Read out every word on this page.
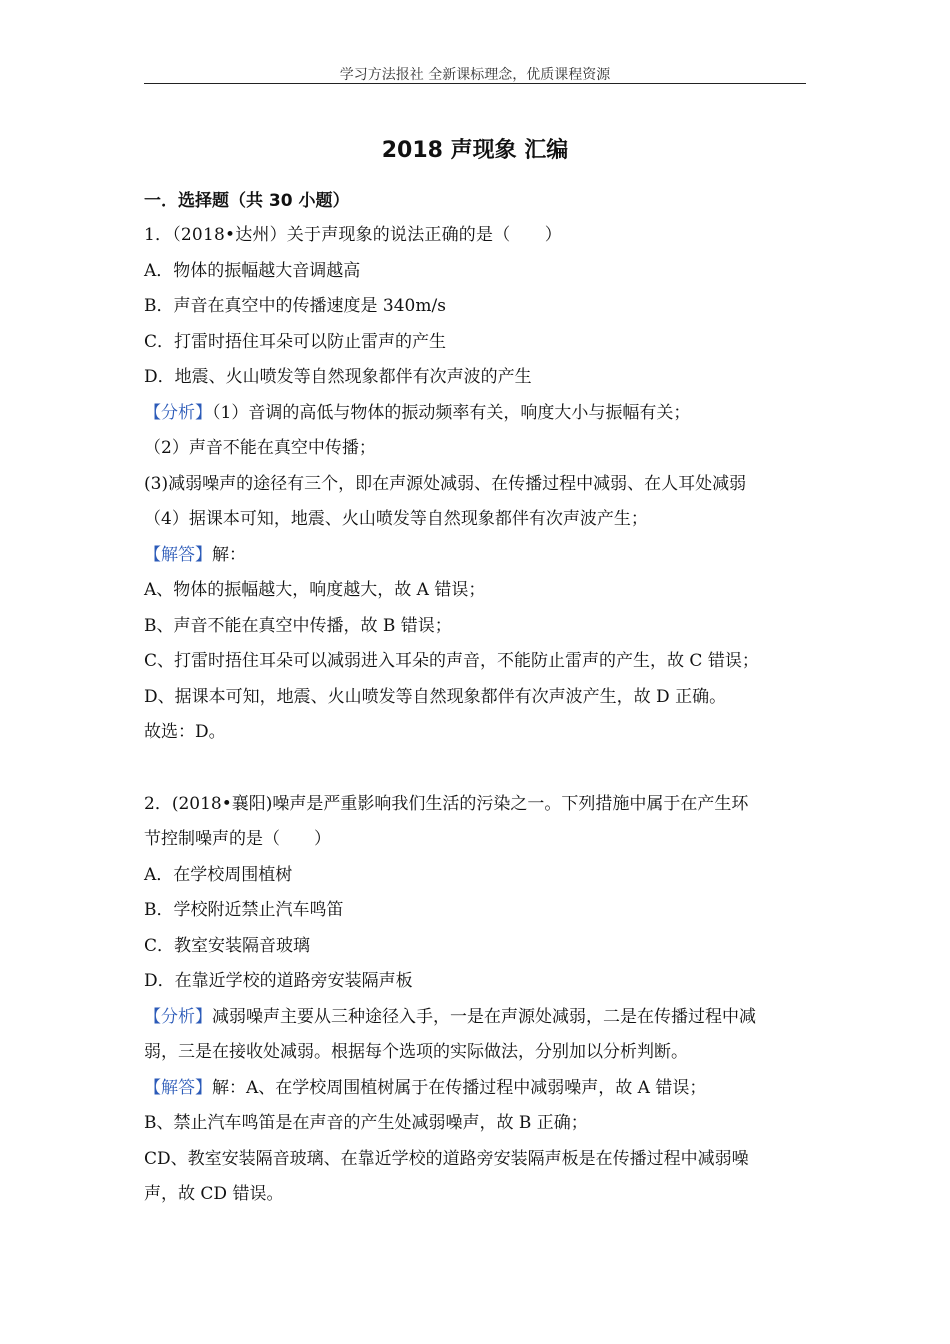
学习方法报社 全新课标理念，优质课程资源
2018 声现象 汇编
一．选择题（共 30 小题）
1．（2018•达州）关于声现象的说法正确的是（　　）
A．物体的振幅越大音调越高
B．声音在真空中的传播速度是 340m/s
C．打雷时捂住耳朵可以防止雷声的产生
D．地震、火山喷发等自然现象都伴有次声波的产生
【分析】（1）音调的高低与物体的振动频率有关，响度大小与振幅有关；
（2）声音不能在真空中传播；
(3)减弱噪声的途径有三个，即在声源处减弱、在传播过程中减弱、在人耳处减弱
（4）据课本可知，地震、火山喷发等自然现象都伴有次声波产生；
【解答】解：
A、物体的振幅越大，响度越大，故 A 错误；
B、声音不能在真空中传播，故 B 错误；
C、打雷时捂住耳朵可以减弱进入耳朵的声音，不能防止雷声的产生，故 C 错误；
D、据课本可知，地震、火山喷发等自然现象都伴有次声波产生，故 D 正确。
故选：D。
2．(2018•襄阳)噪声是严重影响我们生活的污染之一。下列措施中属于在产生环
节控制噪声的是（　　）
A．在学校周围植树
B．学校附近禁止汽车鸣笛
C．教室安装隔音玻璃
D．在靠近学校的道路旁安装隔声板
【分析】减弱噪声主要从三种途径入手，一是在声源处减弱，二是在传播过程中减
弱，三是在接收处减弱。根据每个选项的实际做法，分别加以分析判断。
【解答】解：A、在学校周围植树属于在传播过程中减弱噪声，故 A 错误；
B、禁止汽车鸣笛是在声音的产生处减弱噪声，故 B 正确；
CD、教室安装隔音玻璃、在靠近学校的道路旁安装隔声板是在传播过程中减弱噪
声，故 CD 错误。
